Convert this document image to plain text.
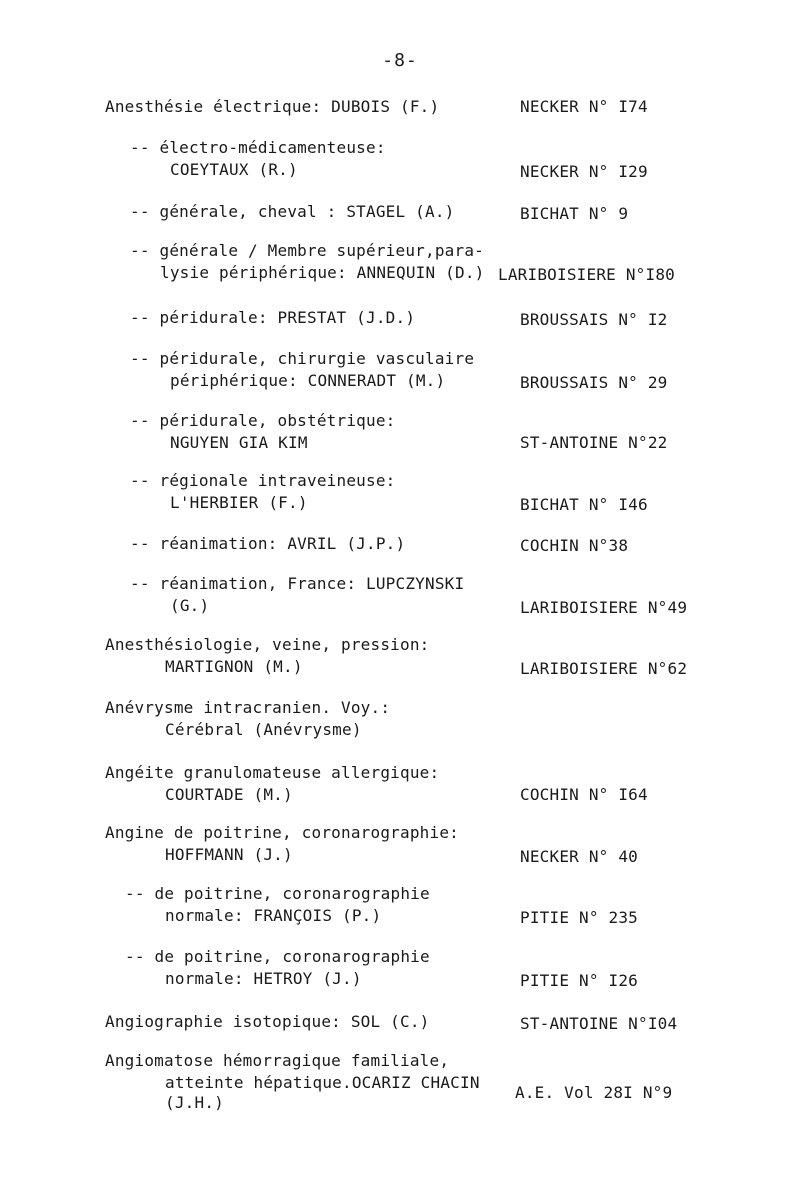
-8-
Anesthésie électrique: DUBOIS (F.)	NECKER N° I74
-- électro-médicamenteuse:
COEYTAUX (R.)	NECKER N° I29
-- générale, cheval : STAGEL (A.)	BICHAT N° 9
-- générale / Membre supérieur,para-
lysie périphérique: ANNEQUIN (D.) LARIBOISIERE N°I80
-- péridurale: PRESTAT (J.D.)	BROUSSAIS N° I2
-- péridurale, chirurgie vasculaire
périphérique: CONNERADT (M.)	BROUSSAIS N° 29
-- péridurale, obstétrique:
NGUYEN GIA KIM	ST-ANTOINE N°22
-- régionale intraveineuse:
L'HERBIER (F.)	BICHAT N° I46
-- réanimation: AVRIL (J.P.)	COCHIN N°38
-- réanimation, France: LUPCZYNSKI
(G.)	LARIBOISIERE N°49
Anesthésiologie, veine, pression:
MARTIGNON (M.)	LARIBOISIERE N°62
Anévrysme intracranien. Voy.:
Cérébral (Anévrysme)
Angéite granulomateuse allergique:
COURTADE (M.)	COCHIN N° I64
Angine de poitrine, coronarographie:
HOFFMANN (J.)	NECKER N° 40
-- de poitrine, coronarographie
normale: FRANÇOIS (P.)	PITIE N° 235
-- de poitrine, coronarographie
normale: HETROY (J.)	PITIE N° I26
Angiographie isotopique: SOL (C.)	ST-ANTOINE N°I04
Angiomatose hémorragique familiale,
atteinte hépatique.OCARIZ CHACIN
(J.H.)
A.E. Vol 28I N°9
